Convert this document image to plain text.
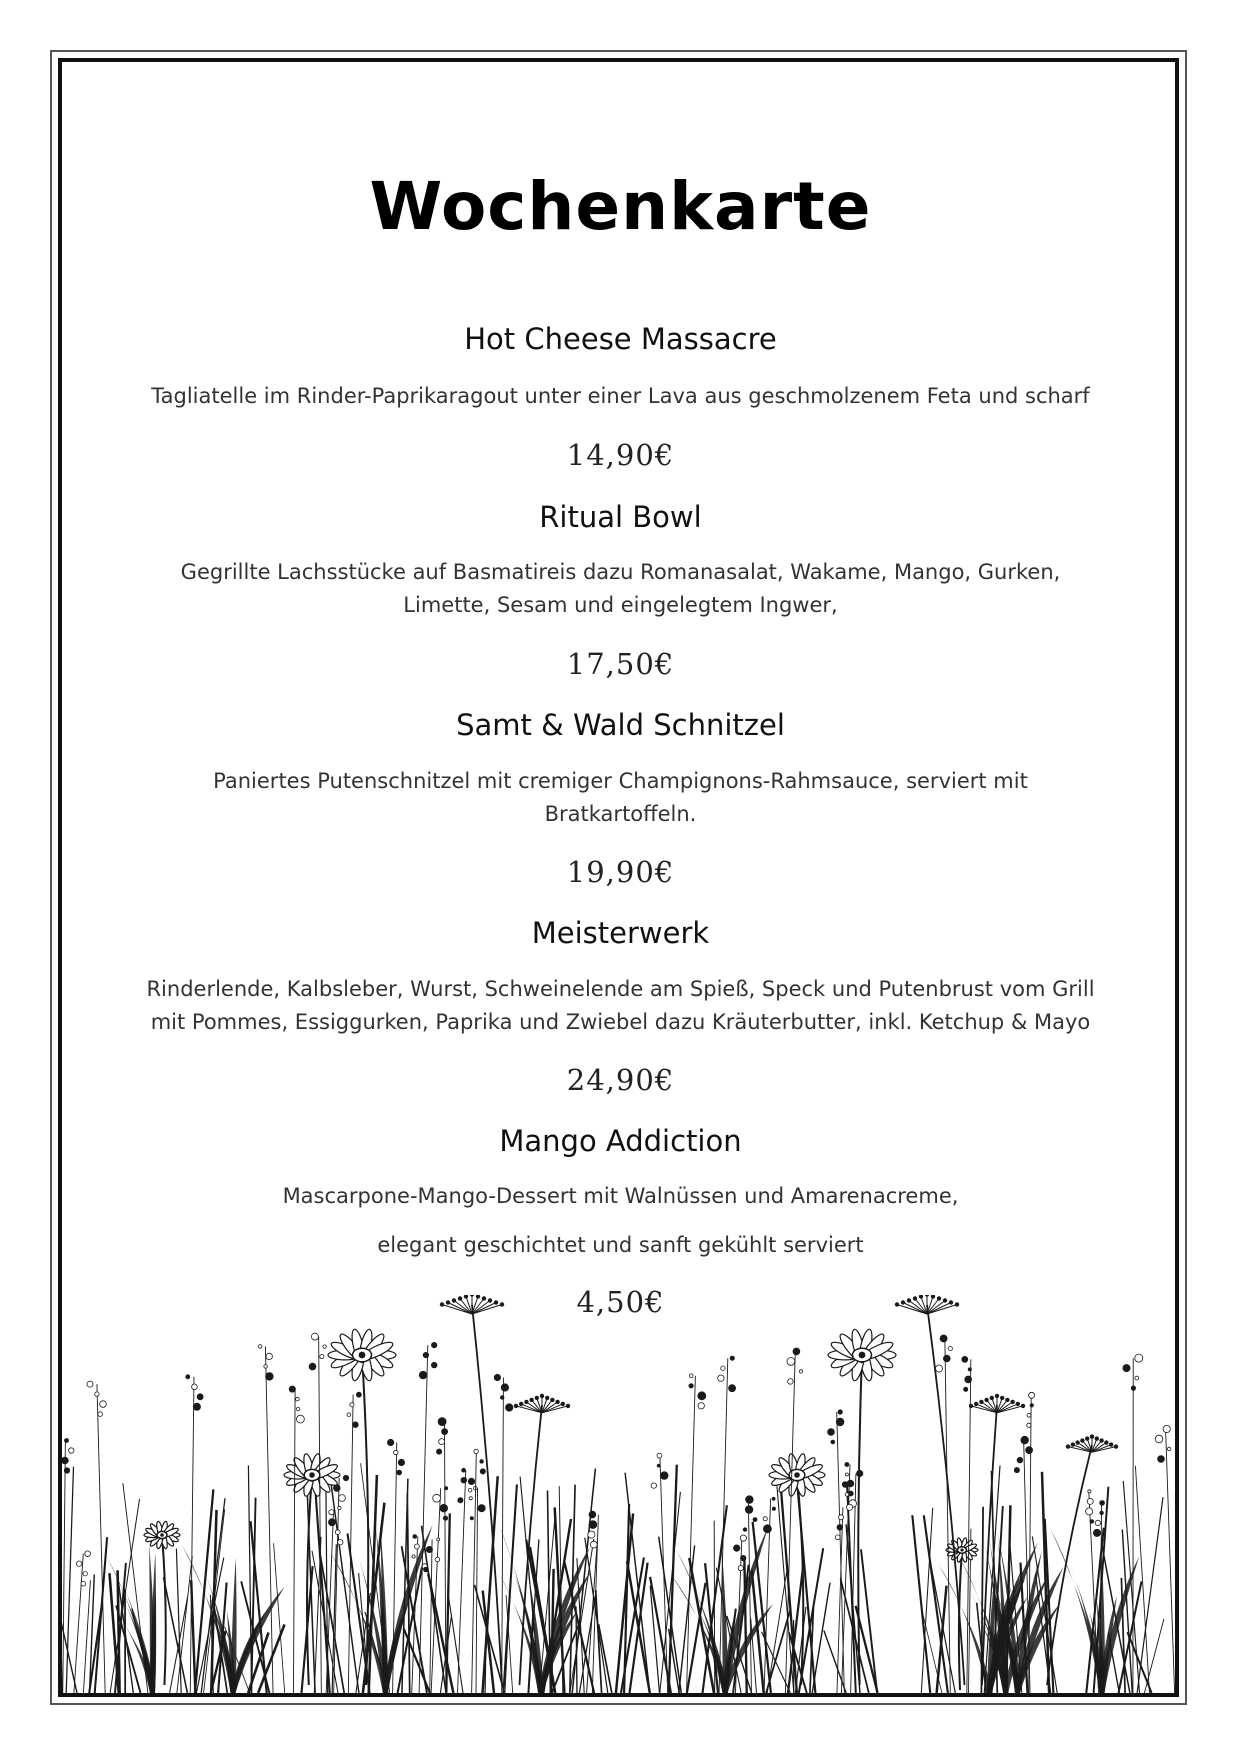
Wochenkarte
Hot Cheese Massacre
Tagliatelle im Rinder-Paprikaragout unter einer Lava aus geschmolzenem Feta und scharf
14,90€
Ritual Bowl
Gegrillte Lachsstücke auf Basmatireis dazu Romanasalat, Wakame, Mango, Gurken,
Limette, Sesam und eingelegtem Ingwer,
17,50€
Samt & Wald Schnitzel
Paniertes Putenschnitzel mit cremiger Champignons-Rahmsauce, serviert mit
Bratkartoffeln.
19,90€
Meisterwerk
Rinderlende, Kalbsleber, Wurst, Schweinelende am Spieß, Speck und Putenbrust vom Grill
mit Pommes, Essiggurken, Paprika und Zwiebel dazu Kräuterbutter, inkl. Ketchup & Mayo
24,90€
Mango Addiction
Mascarpone-Mango-Dessert mit Walnüssen und Amarenacreme,
elegant geschichtet und sanft gekühlt serviert
4,50€
